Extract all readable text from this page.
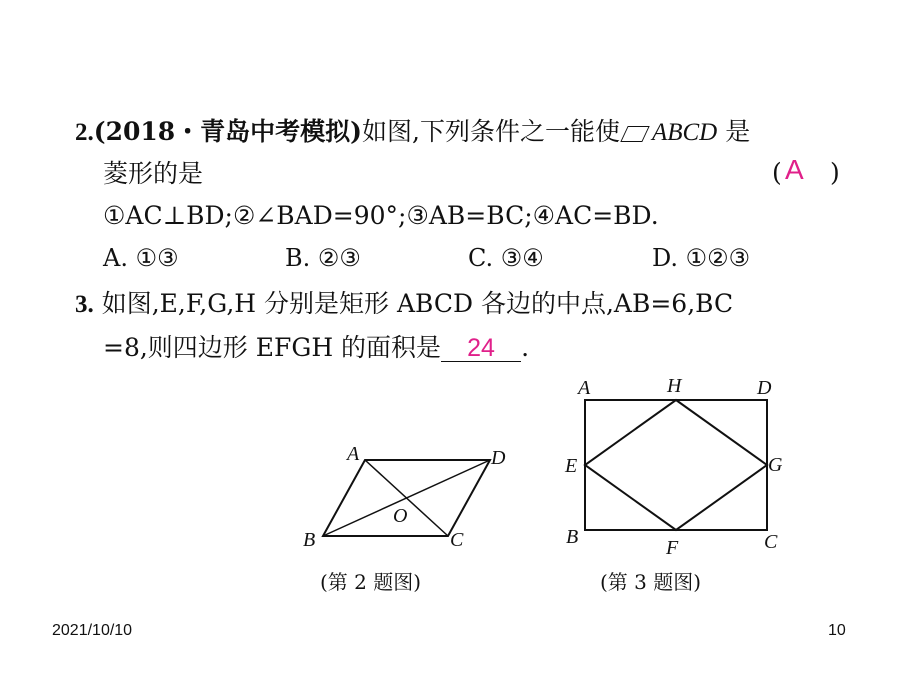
2.(2018・青岛中考模拟)如图,下列条件之一能使 ABCD 是
菱形的是	( A )
①AC⊥BD;②∠BAD=90°;③AB=BC;④AC=BD.
A. ①③	B. ②③	C. ③④	D. ①②③
3. 如图,E,F,G,H 分别是矩形 ABCD 各边的中点,AB=6,BC
=8,则四边形 EFGH 的面积是 24 .
A	D
B	C
O
(第 2 题图)
A	H	D
E	G
B	F	C
(第 3 题图)
2021/10/10	10
